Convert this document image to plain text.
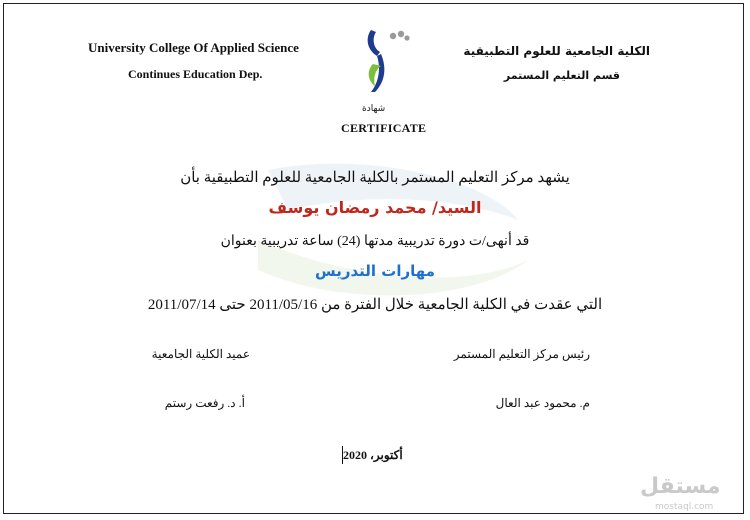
University College Of Applied Science
Continues Education Dep.
الكلية الجامعية للعلوم التطبيقية
قسم التعليم المستمر
شهادة
CERTIFICATE
يشهد مركز التعليم المستمر بالكلية الجامعية للعلوم التطبيقية بأن
السيد/ محمد رمضان يوسف
قد أنهى/ت دورة تدريبية مدتها (24) ساعة تدريبية بعنوان
مهارات التدريس
التي عقدت في الكلية الجامعية خلال الفترة من 2011/05/16 حتى 2011/07/14
رئيس مركز التعليم المستمر
عميد الكلية الجامعية
م. محمود عبد العال
أ. د. رفعت رستم
أكتوبر، 2020
مستقل
mostaql.com
